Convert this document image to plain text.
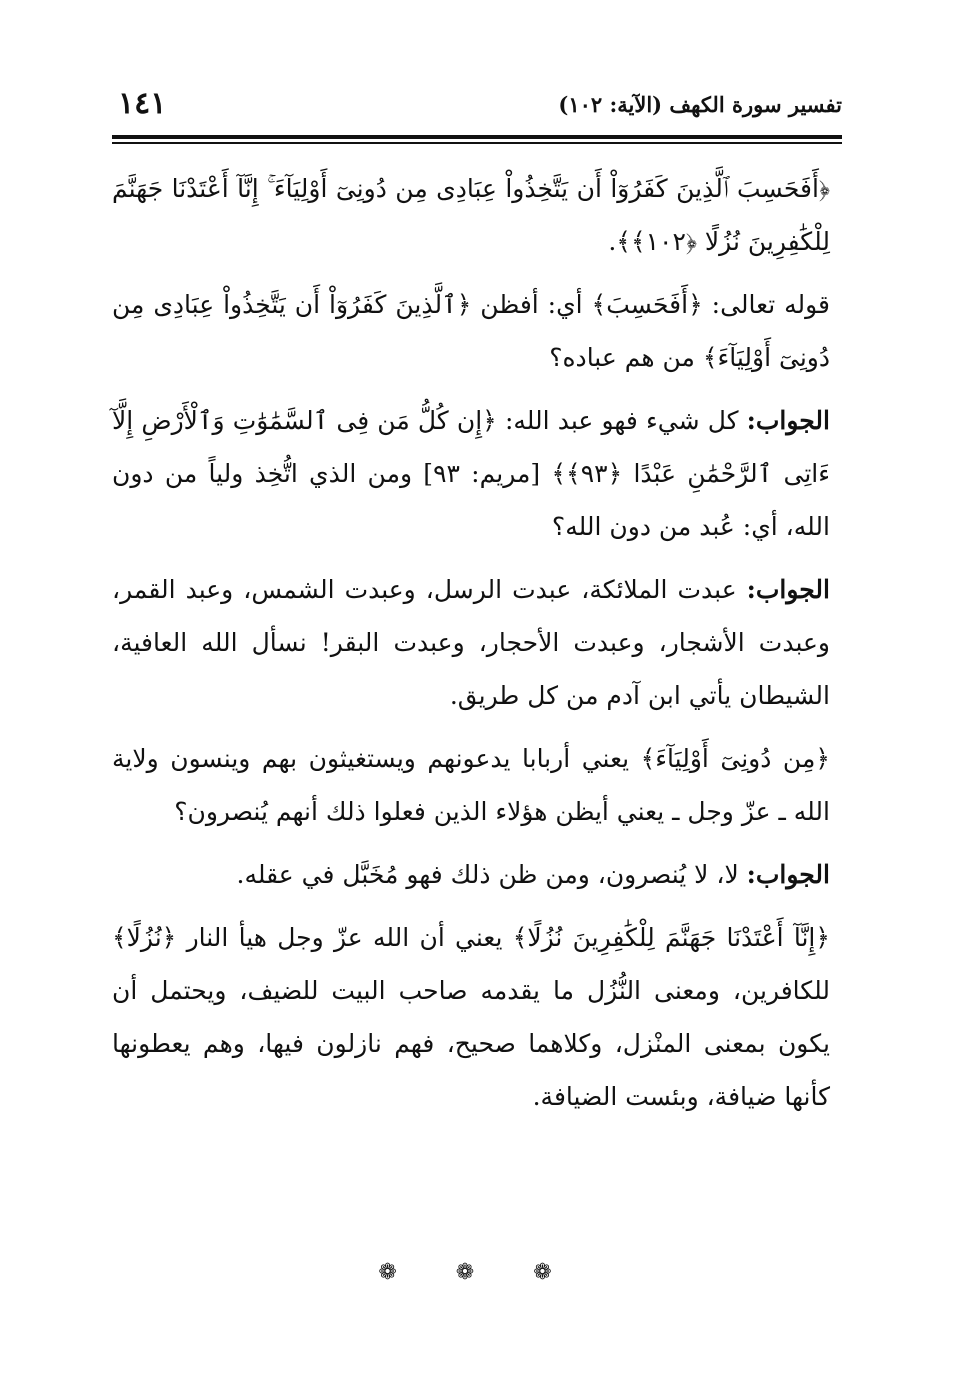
١٤١	تفسير سورة الكهف (الآية: ١٠٢)

﴿أَفَحَسِبَ ٱلَّذِينَ كَفَرُوٓاْ أَن يَتَّخِذُواْ عِبَادِى مِن دُونِىٓ أَوْلِيَآءَ ۚ إِنَّآ أَعْتَدْنَا جَهَنَّمَ لِلْكَٰفِرِينَ نُزُلًا ﴿١٠٢﴾﴾.

قوله تعالى: ﴿أَفَحَسِبَ﴾ أي: أفظن ﴿ٱلَّذِينَ كَفَرُوٓاْ أَن يَتَّخِذُواْ عِبَادِى مِن دُونِىٓ أَوْلِيَآءَ﴾ من هم عباده؟

الجواب: كل شيء فهو عبد الله: ﴿إِن كُلُّ مَن فِى ٱلسَّمَٰوَٰتِ وَٱلْأَرْضِ إِلَّآ ءَاتِى ٱلرَّحْمَٰنِ عَبْدًا ﴿٩٣﴾﴾ [مريم: ٩٣] ومن الذي اتُّخِذ ولياً من دون الله، أي: عُبد من دون الله؟

الجواب: عبدت الملائكة، عبدت الرسل، وعبدت الشمس، وعبد القمر، وعبدت الأشجار، وعبدت الأحجار، وعبدت البقر! نسأل الله العافية، الشيطان يأتي ابن آدم من كل طريق.

﴿مِن دُونِىٓ أَوْلِيَآءَ﴾ يعني أربابا يدعونهم ويستغيثون بهم وينسون ولاية الله ـ عزّ وجل ـ يعني أيظن هؤلاء الذين فعلوا ذلك أنهم يُنصرون؟

الجواب: لا، لا يُنصرون، ومن ظن ذلك فهو مُخَبَّل في عقله.

﴿إِنَّآ أَعْتَدْنَا جَهَنَّمَ لِلْكَٰفِرِينَ نُزُلًا﴾ يعني أن الله عزّ وجل هيأ النار ﴿نُزُلًا﴾ للكافرين، ومعنى النُّزُل ما يقدمه صاحب البيت للضيف، ويحتمل أن يكون بمعنى المنْزل، وكلاهما صحيح، فهم نازلون فيها، وهم يعطونها كأنها ضيافة، وبئست الضيافة.

❁ ❁ ❁
